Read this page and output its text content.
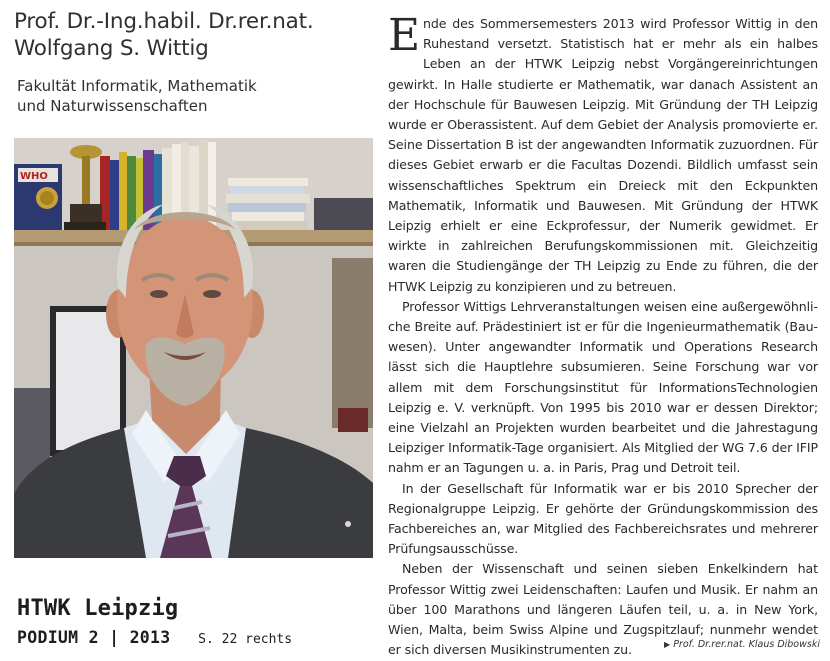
Prof. Dr.-Ing.habil. Dr.rer.nat.
Wolfgang S. Wittig
Fakultät Informatik, Mathematik
und Naturwissenschaften
WHO
HTWK Leipzig
PODIUM 2 | 2013 S. 22 rechts

Ende des Sommersemesters 2013 wird Professor Wittig in den Ruhestand versetzt. Statistisch hat er mehr als ein halbes Leben an der HTWK Leipzig nebst Vorgängereinrichtungen gewirkt. In Halle studierte er Mathematik, war danach Assistent an der Hochschule für Bauwesen Leipzig. Mit Gründung der TH Leipzig wurde er Oberassistent. Auf dem Gebiet der Analysis promovierte er. Seine Dissertation B ist der angewandten Informatik zuzuordnen. Für dieses Gebiet erwarb er die Facultas Dozendi. Bildlich umfasst sein wissenschaftliches Spektrum ein Dreieck mit den Eckpunkten Mathematik, Informatik und Bauwesen. Mit Gründung der HTWK Leipzig erhielt er eine Eckprofessur, der Numerik gewidmet. Er wirkte in zahlreichen Berufungskommissionen mit. Gleichzeitig waren die Studiengänge der TH Leipzig zu Ende zu führen, die der HTWK Leipzig zu konzipieren und zu betreuen.

Professor Wittigs Lehrveranstaltungen weisen eine außergewöhnliche Breite auf. Prädestiniert ist er für die Ingenieurmathematik (Bauwesen). Unter angewandter Informatik und Operations Research lässt sich die Hauptlehre subsumieren. Seine Forschung war vor allem mit dem Forschungsinstitut für InformationsTechnologien Leipzig e. V. verknüpft. Von 1995 bis 2010 war er dessen Direktor; eine Vielzahl an Projekten wurden bearbeitet und die Jahrestagung Leipziger Informatik-Tage organisiert. Als Mitglied der WG 7.6 der IFIP nahm er an Tagungen u. a. in Paris, Prag und Detroit teil.

In der Gesellschaft für Informatik war er bis 2010 Sprecher der Regionalgruppe Leipzig. Er gehörte der Gründungskommission des Fachbereiches an, war Mitglied des Fachbereichsrates und mehrerer Prüfungsausschüsse.

Neben der Wissenschaft und seinen sieben Enkelkindern hat Professor Wittig zwei Leidenschaften: Laufen und Musik. Er nahm an über 100 Marathons und längeren Läufen teil, u. a. in New York, Wien, Malta, beim Swiss Alpine und Zugspitzlauf; nunmehr wendet er sich diversen Musikinstrumenten zu.	▶ Prof. Dr.rer.nat. Klaus Dibowski
